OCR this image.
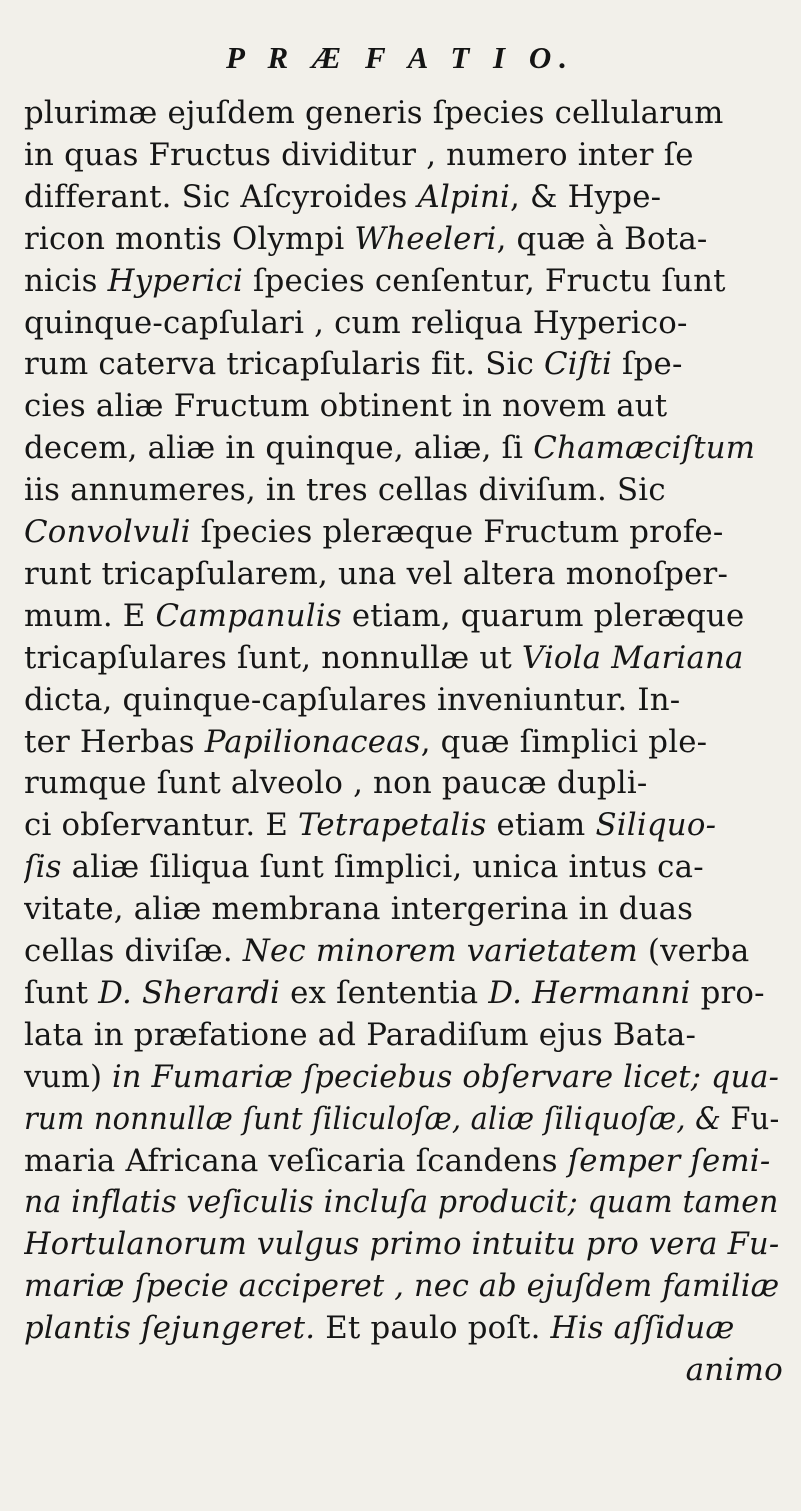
P R Æ F A T I O.
plurimæ ejuſdem generis ſpecies cellularum
in quas Fructus dividitur , numero inter ſe
differant. Sic Aſcyroides Alpini, & Hype-
ricon montis Olympi Wheeleri, quæ à Bota-
nicis Hyperici ſpecies cenſentur, Fructu ſunt
quinque-capſulari , cum reliqua Hyperico-
rum caterva tricapſularis fit. Sic Ciſti ſpe-
cies aliæ Fructum obtinent in novem aut
decem, aliæ in quinque, aliæ, ſi Chamæciſtum
iis annumeres, in tres cellas diviſum. Sic
Convolvuli ſpecies pleræque Fructum profe-
runt tricapſularem, una vel altera monoſper-
mum. E Campanulis etiam, quarum pleræque
tricapſulares ſunt, nonnullæ ut Viola Mariana
dicta, quinque-capſulares inveniuntur. In-
ter Herbas Papilionaceas, quæ ſimplici ple-
rumque ſunt alveolo , non paucæ dupli-
ci obſervantur. E Tetrapetalis etiam Siliquo-
ſis aliæ ſiliqua ſunt ſimplici, unica intus ca-
vitate, aliæ membrana intergerina in duas
cellas diviſæ. Nec minorem varietatem (verba
ſunt D. Sherardi ex ſententia D. Hermanni pro-
lata in præfatione ad Paradiſum ejus Bata-
vum) in Fumariæ ſpeciebus obſervare licet; qua-
rum nonnullæ ſunt ſiliculoſæ, aliæ ſiliquoſæ, & Fu-
maria Africana veſicaria ſcandens ſemper ſemi-
na inflatis veſiculis incluſa producit; quam tamen
Hortulanorum vulgus primo intuitu pro vera Fu-
mariæ ſpecie acciperet , nec ab ejuſdem familiæ
plantis ſejungeret. Et paulo poſt. His aſſiduæ
animo
